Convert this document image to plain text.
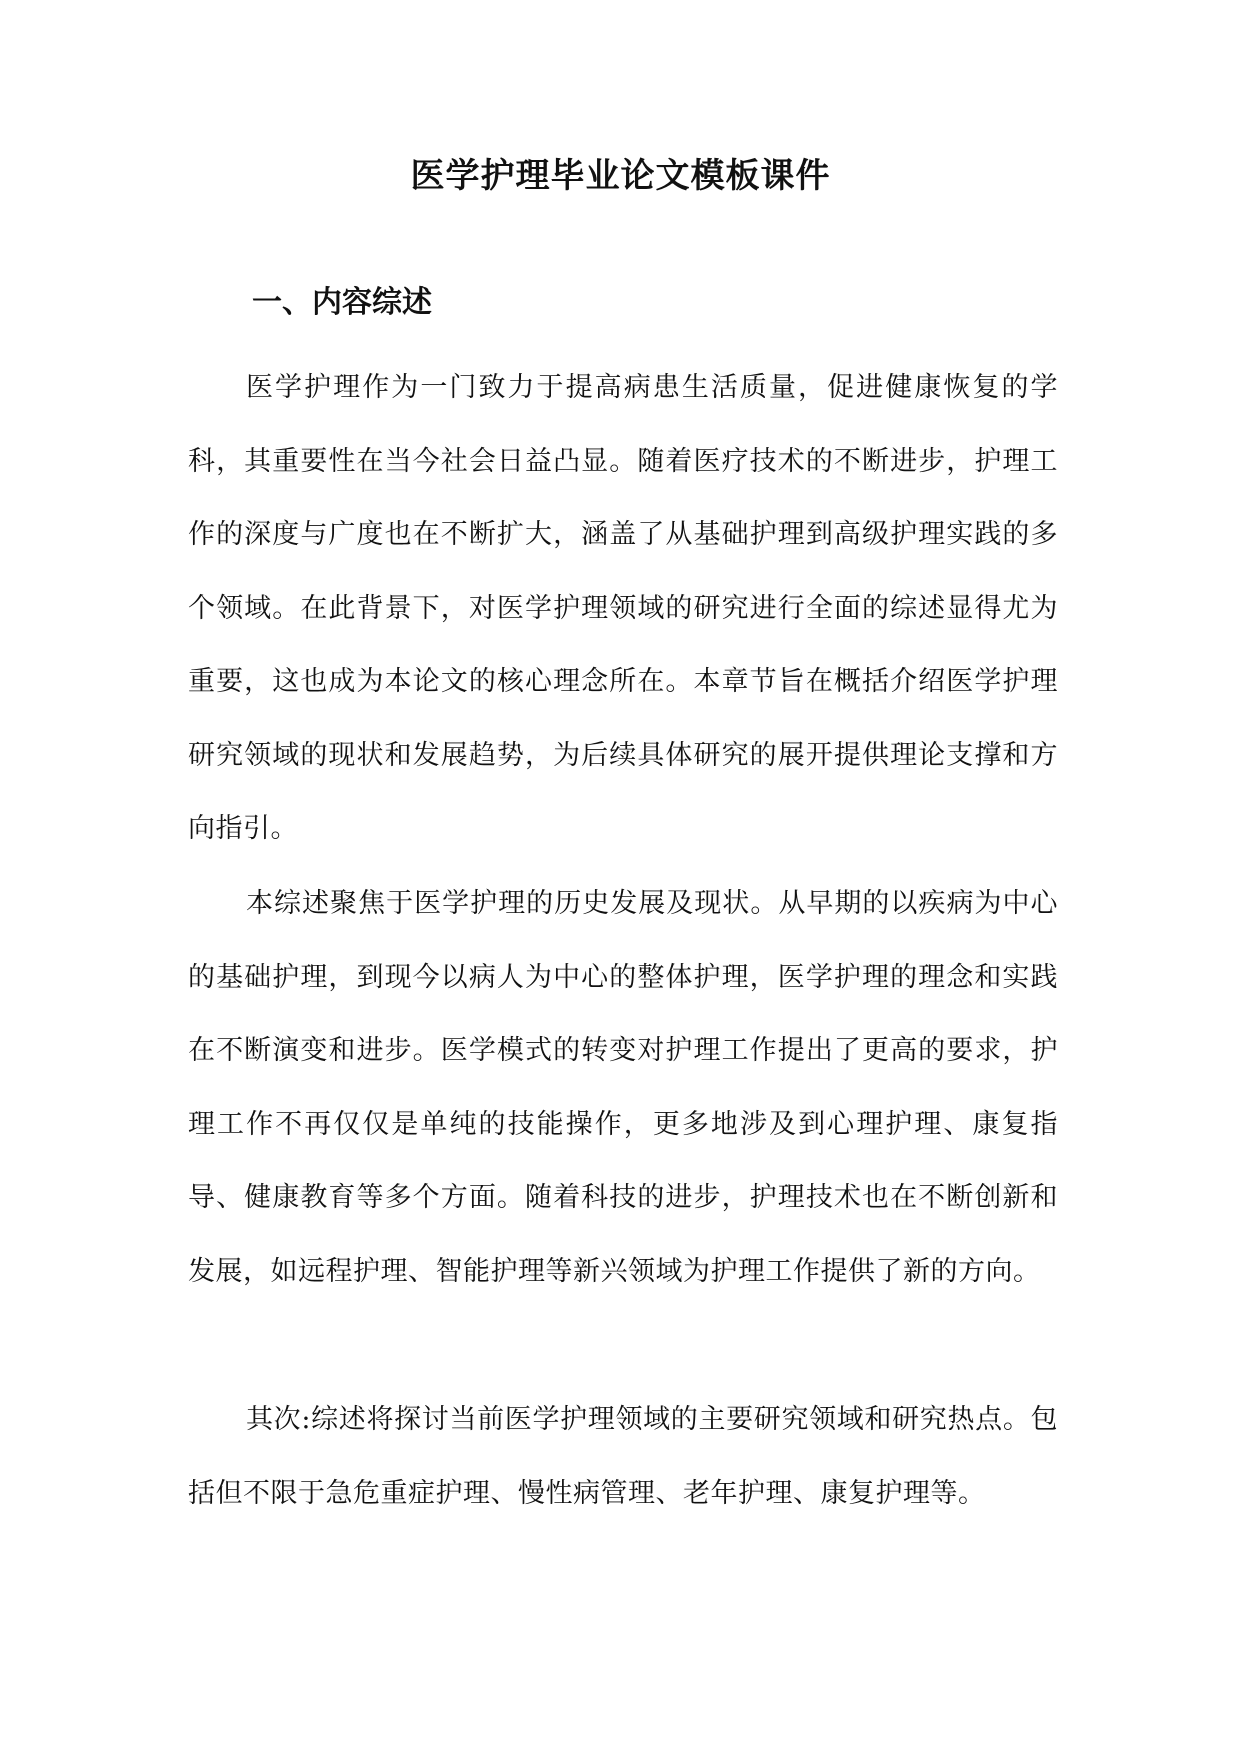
医学护理毕业论文模板课件
一、内容综述

医学护理作为一门致力于提高病患生活质量，促进健康恢复的学科，其重要性在当今社会日益凸显。随着医疗技术的不断进步，护理工作的深度与广度也在不断扩大，涵盖了从基础护理到高级护理实践的多个领域。在此背景下，对医学护理领域的研究进行全面的综述显得尤为重要，这也成为本论文的核心理念所在。本章节旨在概括介绍医学护理研究领域的现状和发展趋势，为后续具体研究的展开提供理论支撑和方向指引。

本综述聚焦于医学护理的历史发展及现状。从早期的以疾病为中心的基础护理，到现今以病人为中心的整体护理，医学护理的理念和实践在不断演变和进步。医学模式的转变对护理工作提出了更高的要求，护理工作不再仅仅是单纯的技能操作，更多地涉及到心理护理、康复指导、健康教育等多个方面。随着科技的进步，护理技术也在不断创新和发展，如远程护理、智能护理等新兴领域为护理工作提供了新的方向。

其次:综述将探讨当前医学护理领域的主要研究领域和研究热点。包括但不限于急危重症护理、慢性病管理、老年护理、康复护理等。
